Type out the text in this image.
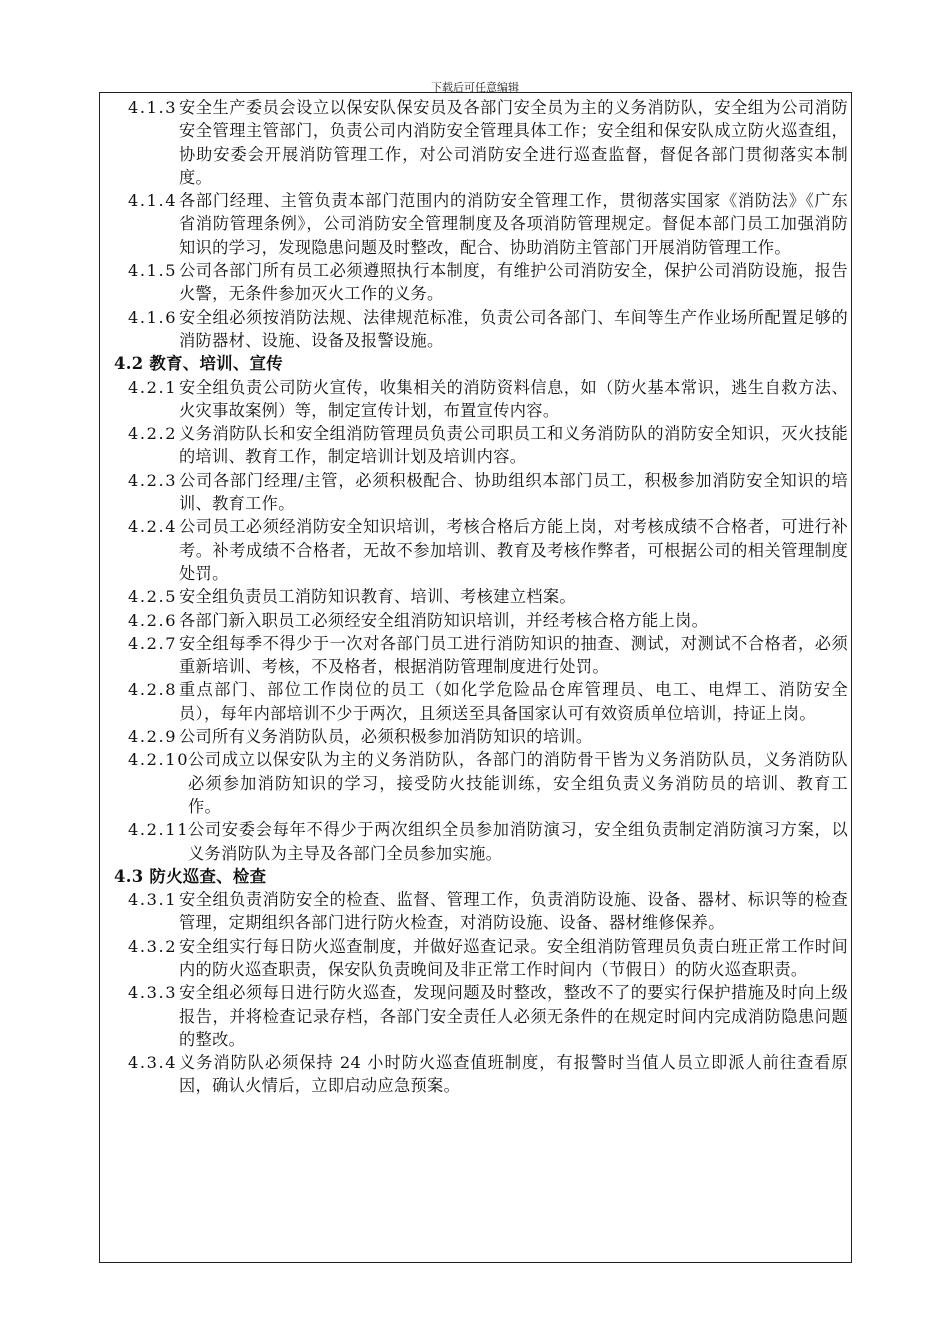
下载后可任意编辑

4.1.3 安全生产委员会设立以保安队保安员及各部门安全员为主的义务消防队，安全组为公司消防安全管理主管部门，负责公司内消防安全管理具体工作；安全组和保安队成立防火巡查组，协助安委会开展消防管理工作，对公司消防安全进行巡查监督，督促各部门贯彻落实本制度。

4.1.4 各部门经理、主管负责本部门范围内的消防安全管理工作，贯彻落实国家《消防法》《广东省消防管理条例》，公司消防安全管理制度及各项消防管理规定。督促本部门员工加强消防知识的学习，发现隐患问题及时整改，配合、协助消防主管部门开展消防管理工作。

4.1.5 公司各部门所有员工必须遵照执行本制度，有维护公司消防安全，保护公司消防设施，报告火警，无条件参加灭火工作的义务。

4.1.6 安全组必须按消防法规、法律规范标准，负责公司各部门、车间等生产作业场所配置足够的消防器材、设施、设备及报警设施。

4.2 教育、培训、宣传

4.2.1 安全组负责公司防火宣传，收集相关的消防资料信息，如（防火基本常识，逃生自救方法、火灾事故案例）等，制定宣传计划，布置宣传内容。

4.2.2 义务消防队长和安全组消防管理员负责公司职员工和义务消防队的消防安全知识，灭火技能的培训、教育工作，制定培训计划及培训内容。

4.2.3 公司各部门经理/主管，必须积极配合、协助组织本部门员工，积极参加消防安全知识的培训、教育工作。

4.2.4 公司员工必须经消防安全知识培训，考核合格后方能上岗，对考核成绩不合格者，可进行补考。补考成绩不合格者，无故不参加培训、教育及考核作弊者，可根据公司的相关管理制度处罚。

4.2.5 安全组负责员工消防知识教育、培训、考核建立档案。

4.2.6 各部门新入职员工必须经安全组消防知识培训，并经考核合格方能上岗。

4.2.7 安全组每季不得少于一次对各部门员工进行消防知识的抽查、测试，对测试不合格者，必须重新培训、考核，不及格者，根据消防管理制度进行处罚。

4.2.8 重点部门、部位工作岗位的员工（如化学危险品仓库管理员、电工、电焊工、消防安全员），每年内部培训不少于两次，且须送至具备国家认可有效资质单位培训，持证上岗。

4.2.9 公司所有义务消防队员，必须积极参加消防知识的培训。

4.2.10
公司成立以保安队为主的义务消防队，各部门的消防骨干皆为义务消防队员，义务消防队必须参加消防知识的学习，接受防火技能训练，安全组负责义务消防员的培训、教育工作。

4.2.11
公司安委会每年不得少于两次组织全员参加消防演习，安全组负责制定消防演习方案，以义务消防队为主导及各部门全员参加实施。

4.3 防火巡查、检查

4.3.1 安全组负责消防安全的检查、监督、管理工作，负责消防设施、设备、器材、标识等的检查管理，定期组织各部门进行防火检查，对消防设施、设备、器材维修保养。

4.3.2 安全组实行每日防火巡查制度，并做好巡查记录。安全组消防管理员负责白班正常工作时间内的防火巡查职责，保安队负责晚间及非正常工作时间内（节假日）的防火巡查职责。

4.3.3 安全组必须每日进行防火巡查，发现问题及时整改，整改不了的要实行保护措施及时向上级报告，并将检查记录存档，各部门安全责任人必须无条件的在规定时间内完成消防隐患问题的整改。

4.3.4 义务消防队必须保持 24 小时防火巡查值班制度，有报警时当值人员立即派人前往查看原因，确认火情后，立即启动应急预案。
